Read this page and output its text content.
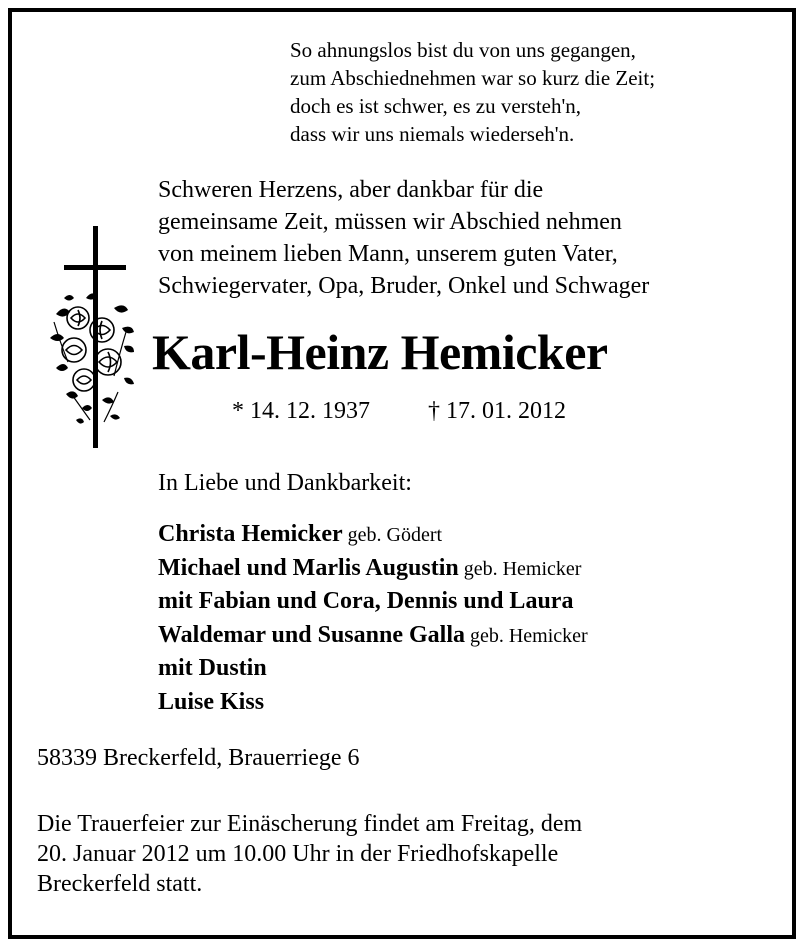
So ahnungslos bist du von uns gegangen,
zum Abschiednehmen war so kurz die Zeit;
doch es ist schwer, es zu versteh'n,
dass wir uns niemals wiederseh'n.
Schweren Herzens, aber dankbar für die
gemeinsame Zeit, müssen wir Abschied nehmen
von meinem lieben Mann, unserem guten Vater,
Schwiegervater, Opa, Bruder, Onkel und Schwager
Karl-Heinz Hemicker
* 14. 12. 1937 † 17. 01. 2012
In Liebe und Dankbarkeit:
Christa Hemicker geb. Gödert
Michael und Marlis Augustin geb. Hemicker
mit Fabian und Cora, Dennis und Laura
Waldemar und Susanne Galla geb. Hemicker
mit Dustin
Luise Kiss
58339 Breckerfeld, Brauerriege 6
Die Trauerfeier zur Einäscherung findet am Freitag, dem
20. Januar 2012 um 10.00 Uhr in der Friedhofskapelle
Breckerfeld statt.
